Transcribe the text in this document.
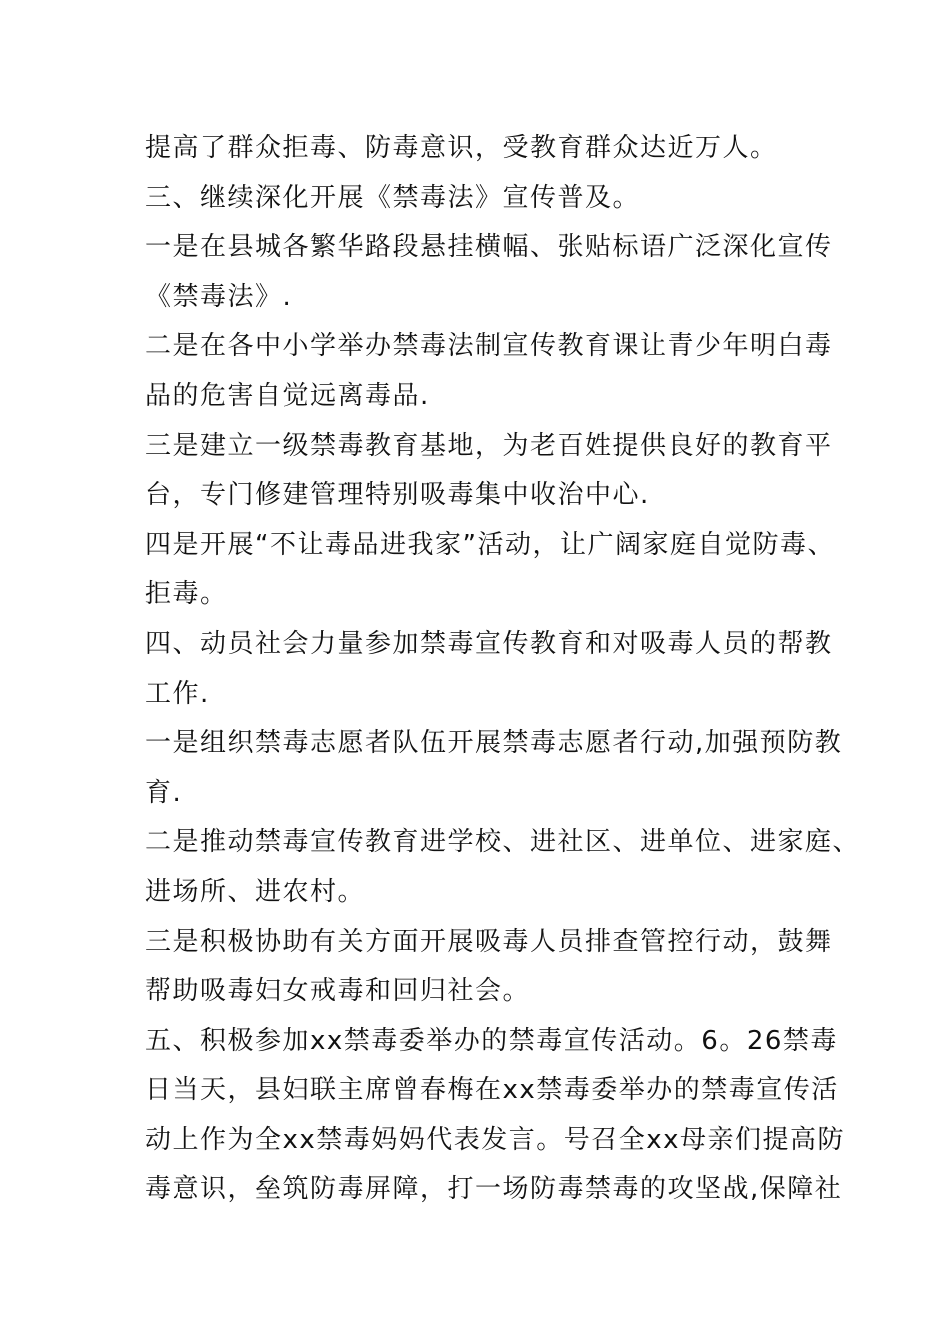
提高了群众拒毒、防毒意识，受教育群众达近万人。
三、继续深化开展《禁毒法》宣传普及。
一是在县城各繁华路段悬挂横幅、张贴标语广泛深化宣传
《禁毒法》.
二是在各中小学举办禁毒法制宣传教育课让青少年明白毒
品的危害自觉远离毒品.
三是建立一级禁毒教育基地，为老百姓提供良好的教育平
台，专门修建管理特别吸毒集中收治中心.
四是开展“不让毒品进我家”活动，让广阔家庭自觉防毒、
拒毒。
四、动员社会力量参加禁毒宣传教育和对吸毒人员的帮教
工作.
一是组织禁毒志愿者队伍开展禁毒志愿者行动,加强预防教
育.
二是推动禁毒宣传教育进学校、进社区、进单位、进家庭、
进场所、进农村。
三是积极协助有关方面开展吸毒人员排查管控行动，鼓舞
帮助吸毒妇女戒毒和回归社会。
五、积极参加xx禁毒委举办的禁毒宣传活动。6。26禁毒
日当天，县妇联主席曾春梅在xx禁毒委举办的禁毒宣传活
动上作为全xx禁毒妈妈代表发言。号召全xx母亲们提高防
毒意识，垒筑防毒屏障，打一场防毒禁毒的攻坚战,保障社
